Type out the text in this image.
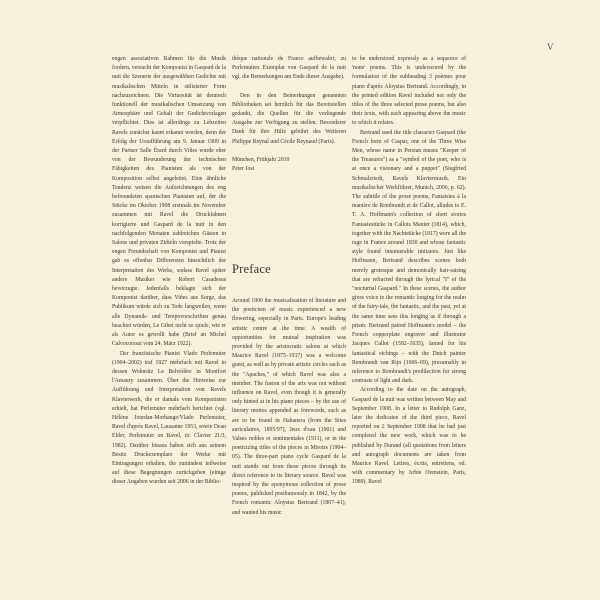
V

engen assoziativen Rahmen für die Musik fordern, versucht der Komponist in Gaspard de la nuit die Szenerie der ausgewählten Gedichte mit musikalischen Mitteln in stilisierter Form nachzuzeichnen. Die Virtuosität ist dennoch funktionell der musikalischen Umsetzung von Atmosphäre und Gehalt der Gedichtvorlagen verpflichtet. Dies ist allerdings zu Lebzeiten Ravels zunächst kaum erkannt worden, denn der Erfolg der Uraufführung am 9. Januar 1909 in der Pariser Salle Érard durch Viñes wurde eher von der Bewunderung der technischen Fähigkeiten des Pianisten als von der Komposition selbst angeleitet. Eine ähnliche Tendenz weisen die Aufzeichnungen des eng befreundeten spanischen Pianisten auf, der die Stücke im Oktober 1908 erstmals im November zusammen mit Ravel die Druckfahnen korrigierte und Gaspard de la nuit in den nachfolgenden Monaten zahlreichen Gästen in Salons und privaten Zirkeln vorspielte. Trotz der engen Freundschaft von Komponist und Pianist gab es offenbar Differenzen hinsichtlich der Interpretation des Werks, sodass Ravel später andere Musiker wie Robert Casadesus bevorzugte. Jedenfalls beklagte sich der Komponist darüber, dass Viñes aus Sorge, das Publikum würde sich zu Tode langweilen, wenn alle Dynamik- und Tempovorschriften genau beachtet würden, Le Gibet nicht so spiele, wie er als Autor es gewollt habe (Brief an Michel Calvocoressi vom 24. März 1922).

Der französische Pianist Vlado Perlemuter (1904–2002) traf 1927 mehrfach mit Ravel in dessen Wohnsitz Le Belvédère in Montfort l'Amaury zusammen. Über die Hinweise zur Aufführung und Interpretation von Ravels Klavierwerk, die er damals vom Komponisten erhielt, hat Perlemuter mehrfach berichtet (vgl. Hélène Jourdan-Morhange/Vlado Perlemuter, Ravel d'après Ravel, Lausanne 1953, sowie Dean Elder, Perlemuter on Ravel, in: Clavier 21/3, 1982). Darüber hinaus haben sich aus seinem Besitz Druckexemplare der Werke mit Eintragungen erhalten, die zumindest teilweise auf diese Begegnungen zurückgehen (einige dieser Angaben wurden seit 2006 in der Biblio-

thèque nationale de France aufbewahrt; zu Perlemuters Exemplar von Gaspard de la nuit vgl. die Bemerkungen am Ende dieser Ausgabe).

Den in den Bemerkungen genannten Bibliotheken sei herzlich für das Bereitstellen gedankt, die Quellen für die vorliegende Ausgabe zur Verfügung zu stellen. Besonderer Dank für ihre Hilfe gebührt des Weiteren Philippe Reynal und Cécile Reynaud (Paris).

München, Frühjahr 2010

Peter Jost

Preface

Around 1900 the musicalization of literature and the poeticism of music experienced a new flowering, especially in Paris. Europe's leading artistic centre at the time. A wealth of opportunities for mutual inspiration was provided by the aristocratic salons at which Maurice Ravel (1875–1937) was a welcome guest, as well as by private artistic circles such as the "Apaches," of which Ravel was also a member. The fusion of the arts was not without influence on Ravel, even though it is generally only hinted at in his piano pieces – by the use of literary mottos appended as forewords, such as are to be found in Habanera (from the Sites auriculaires, 1895/97), Jeux d'eau (1901) and Valses nobles et sentimentales (1911), or in the poeticizing titles of the pieces in Miroirs (1904–05). The three-part piano cycle Gaspard de la nuit stands out from these pieces through its direct reference to its literary source. Ravel was inspired by the eponymous collection of prose poems, published posthumously in 1842, by the French romantic Aloysius Bertrand (1807–41), and wanted his music

to be understood expressly as a sequence of 'none' poems. This is underscored by the formulation of the subheading 3 poèmes pour piano d'après Aloysius Bertrand. Accordingly, in the printed edition Ravel included not only the titles of the three selected prose poems, but also their texts, with each appearing above the music to which it relates.

Bertrand used the title character Gaspard (the French form of Caspar, one of the Three Wise Men, whose name in Persian means "Keeper of the Treasures") as a "symbol of the poet, who is at once a visionary and a puppet" (Siegfried Schmalzriedt, Ravels Klaviermusik. Ein musikalischer Werkführer, Munich, 2006, p. 62). The subtitle of the prose poems, Fantaisies à la manière de Rembrandt et de Callot, alludes to E. T. A. Hoffmann's collection of short stories Fantasiestücke in Callots Manier (1814), which, together with the Nachtstücke (1817) were all the rage in France around 1830 and whose fantastic style found innumerable imitators. Just like Hoffmann, Bertrand describes scenes both merely grotesque and demonically hair-raising that are refracted through the lyrical "I" of the "nocturnal Gaspard." In these scenes, the author gives voice to the romantic longing for the realm of the fairy-tale, the fantastic, and the past, yet at the same time sees this longing as if through a prism. Bertrand paired Hoffmann's model – the French copperplate engraver and illustrator Jacques Callot (1592–1635), famed for his fantastical etchings – with the Dutch painter Rembrandt van Rijn (1606–69), presumably in reference to Rembrandt's predilection for strong contrasts of light and dark.

According to the date on the autograph, Gaspard de la nuit was written between May and September 1908. In a letter to Rudolph Ganz, later the dedicatee of the third piece, Ravel reported on 2 September 1908 that he had just completed the new work, which was to be published by Durand (all quotations from letters and autograph documents are taken from Maurice Ravel. Lettres, écrits, entretiens, ed. with commentary by Arbie Orenstein, Paris, 1989). Ravel
